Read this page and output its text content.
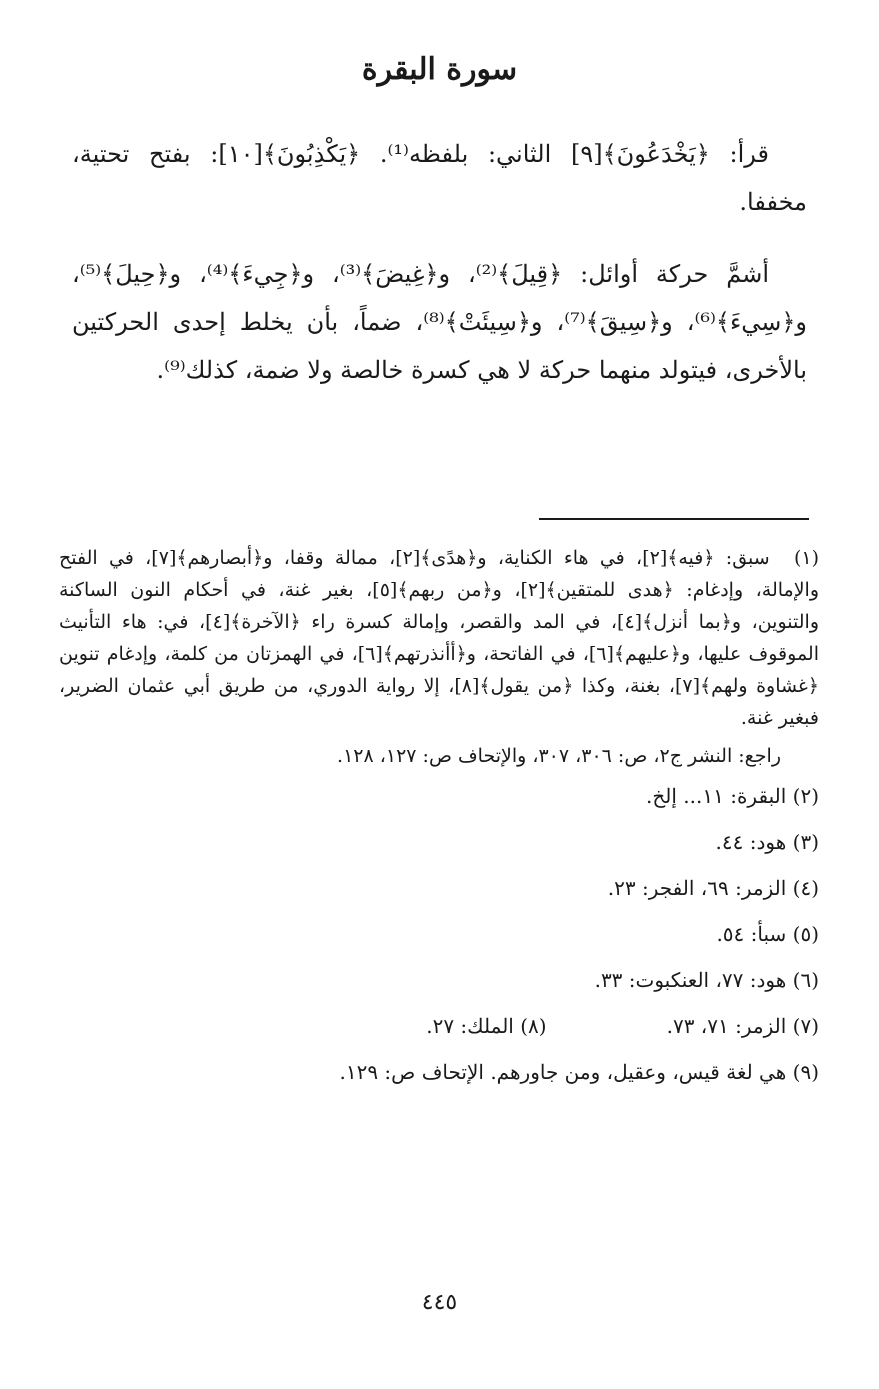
سورة البقرة

قرأ: ﴿يَخْدَعُونَ﴾[٩] الثاني: بلفظه⁽¹⁾. ﴿يَكْذِبُونَ﴾[١٠]: بفتح تحتية، مخففا.

أشمَّ حركة أوائل: ﴿قِيلَ﴾⁽²⁾، و﴿غِيضَ﴾⁽³⁾، و﴿جِيءَ﴾⁽⁴⁾، و﴿حِيلَ﴾⁽⁵⁾، و﴿سِيءَ﴾⁽⁶⁾، و﴿سِيقَ﴾⁽⁷⁾، و﴿سِيئَتْ﴾⁽⁸⁾، ضماً، بأن يخلط إحدى الحركتين بالأخرى، فيتولد منهما حركة لا هي كسرة خالصة ولا ضمة، كذلك⁽⁹⁾.

(١) سبق: ﴿فيه﴾[٢]، في هاء الكناية، و﴿هدًى﴾[٢]، ممالة وقفا، و﴿أبصارهم﴾[٧]، في الفتح والإمالة، وإدغام: ﴿هدى للمتقين﴾[٢]، و﴿من ربهم﴾[٥]، بغير غنة، في أحكام النون الساكنة والتنوين، و﴿بما أنزل﴾[٤]، في المد والقصر، وإمالة كسرة راء ﴿الآخرة﴾[٤]، في: هاء التأنيث الموقوف عليها، و﴿عليهم﴾[٦]، في الفاتحة، و﴿أأنذرتهم﴾[٦]، في الهمزتان من كلمة، وإدغام تنوين ﴿غشاوة ولهم﴾[٧]، بغنة، وكذا ﴿من يقول﴾[٨]، إلا رواية الدوري، من طريق أبي عثمان الضرير، فبغير غنة.
راجع: النشر ج٢، ص: ٣٠٦، ٣٠٧، والإتحاف ص: ١٢٧، ١٢٨.
(٢) البقرة: ١١... إلخ.
(٣) هود: ٤٤.
(٤) الزمر: ٦٩، الفجر: ٢٣.
(٥) سبأ: ٥٤.
(٦) هود: ٧٧، العنكبوت: ٣٣.
(٧) الزمر: ٧١، ٧٣.
(٨) الملك: ٢٧.
(٩) هي لغة قيس، وعقيل، ومن جاورهم. الإتحاف ص: ١٢٩.
٤٤٥
